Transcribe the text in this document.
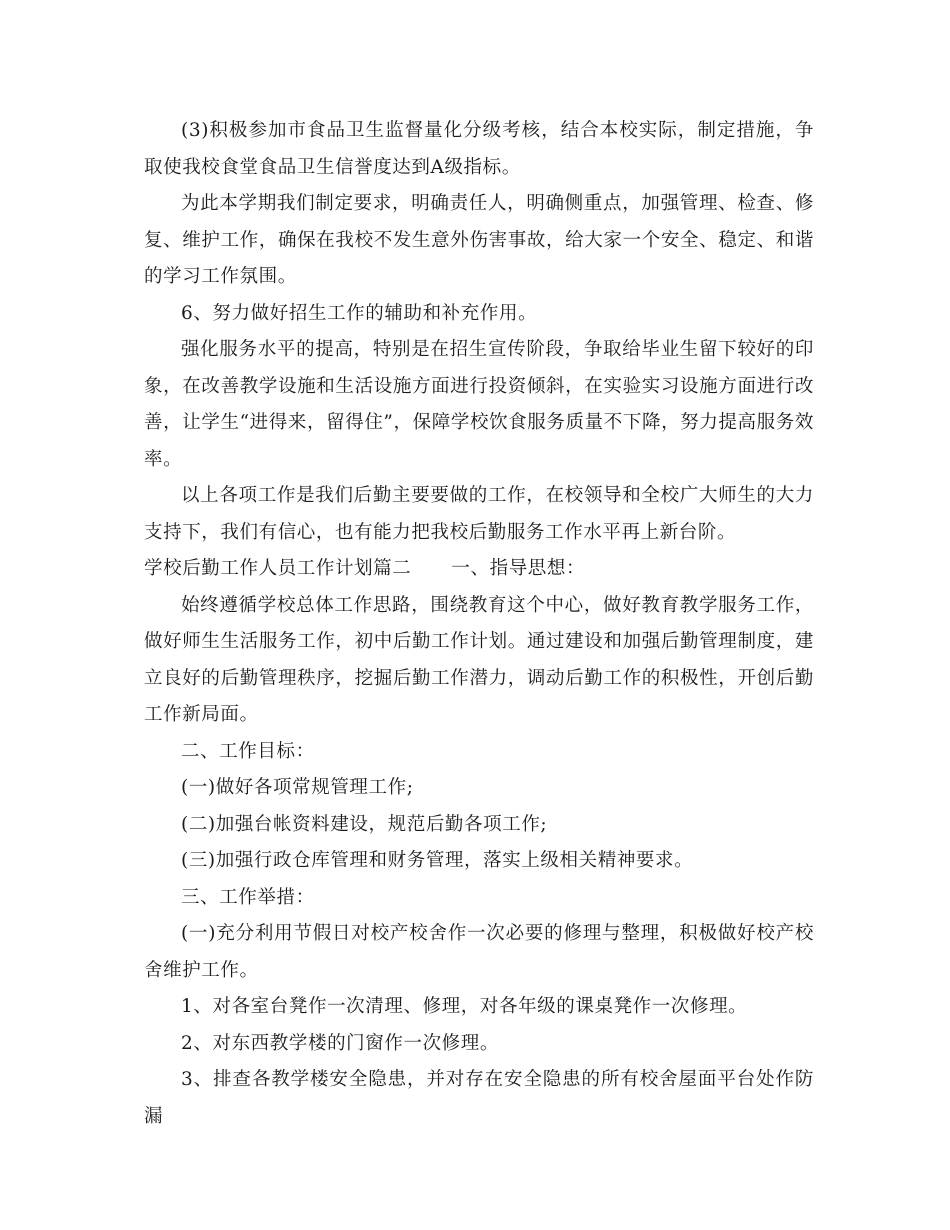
(3)积极参加市食品卫生监督量化分级考核，结合本校实际，制定措施，争取使我校食堂食品卫生信誉度达到A级指标。

为此本学期我们制定要求，明确责任人，明确侧重点，加强管理、检查、修复、维护工作，确保在我校不发生意外伤害事故，给大家一个安全、稳定、和谐的学习工作氛围。

6、努力做好招生工作的辅助和补充作用。

强化服务水平的提高，特别是在招生宣传阶段，争取给毕业生留下较好的印象，在改善教学设施和生活设施方面进行投资倾斜，在实验实习设施方面进行改善，让学生“进得来，留得住”，保障学校饮食服务质量不下降，努力提高服务效率。

以上各项工作是我们后勤主要要做的工作，在校领导和全校广大师生的大力支持下，我们有信心，也有能力把我校后勤服务工作水平再上新台阶。

学校后勤工作人员工作计划篇二 一、指导思想：

始终遵循学校总体工作思路，围绕教育这个中心，做好教育教学服务工作，做好师生生活服务工作，初中后勤工作计划。通过建设和加强后勤管理制度，建立良好的后勤管理秩序，挖掘后勤工作潜力，调动后勤工作的积极性，开创后勤工作新局面。

二、工作目标：

(一)做好各项常规管理工作;

(二)加强台帐资料建设，规范后勤各项工作;

(三)加强行政仓库管理和财务管理，落实上级相关精神要求。

三、工作举措：

(一)充分利用节假日对校产校舍作一次必要的修理与整理，积极做好校产校舍维护工作。

1、对各室台凳作一次清理、修理，对各年级的课桌凳作一次修理。

2、对东西教学楼的门窗作一次修理。

3、排查各教学楼安全隐患，并对存在安全隐患的所有校舍屋面平台处作防漏
